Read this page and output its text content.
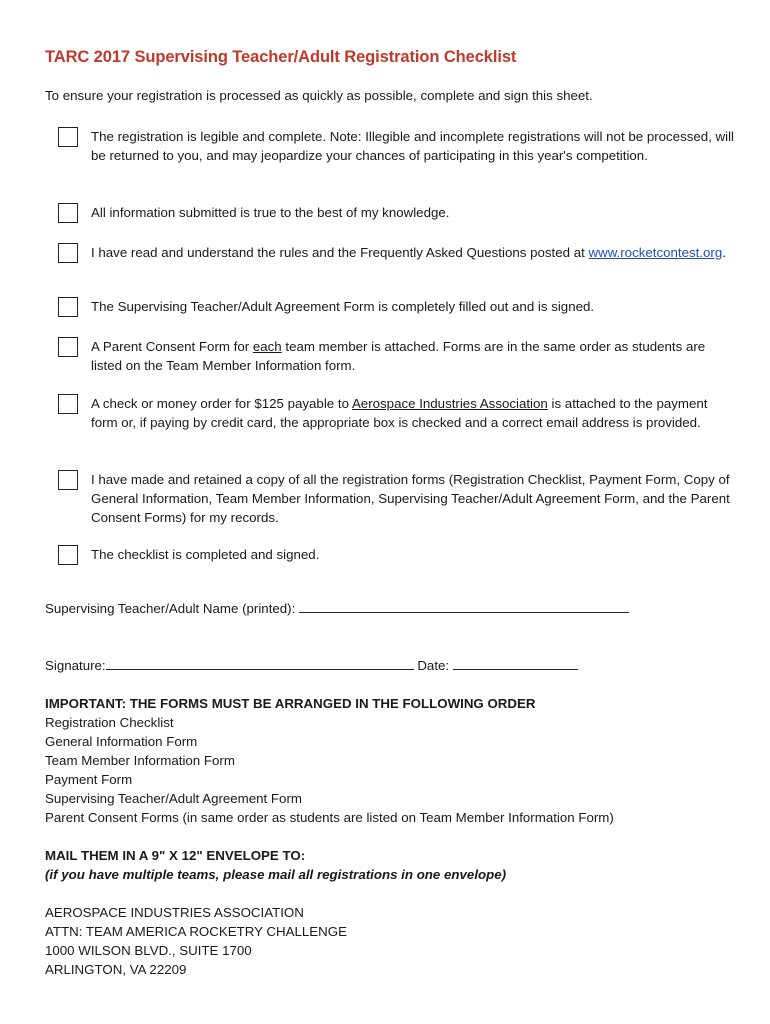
TARC 2017 Supervising Teacher/Adult Registration Checklist
To ensure your registration is processed as quickly as possible, complete and sign this sheet.
The registration is legible and complete. Note: Illegible and incomplete registrations will not be processed, will be returned to you, and may jeopardize your chances of participating in this year's competition.
All information submitted is true to the best of my knowledge.
I have read and understand the rules and the Frequently Asked Questions posted at www.rocketcontest.org.
The Supervising Teacher/Adult Agreement Form is completely filled out and is signed.
A Parent Consent Form for each team member is attached. Forms are in the same order as students are listed on the Team Member Information form.
A check or money order for $125 payable to Aerospace Industries Association is attached to the payment form or, if paying by credit card, the appropriate box is checked and a correct email address is provided.
I have made and retained a copy of all the registration forms (Registration Checklist, Payment Form, Copy of General Information, Team Member Information, Supervising Teacher/Adult Agreement Form, and the Parent Consent Forms) for my records.
The checklist is completed and signed.
Supervising Teacher/Adult Name (printed):
Signature:	Date:
IMPORTANT: THE FORMS MUST BE ARRANGED IN THE FOLLOWING ORDER
Registration Checklist
General Information Form
Team Member Information Form
Payment Form
Supervising Teacher/Adult Agreement Form
Parent Consent Forms (in same order as students are listed on Team Member Information Form)
MAIL THEM IN A 9" X 12" ENVELOPE TO:
(if you have multiple teams, please mail all registrations in one envelope)
AEROSPACE INDUSTRIES ASSOCIATION
ATTN: TEAM AMERICA ROCKETRY CHALLENGE
1000 WILSON BLVD., SUITE 1700
ARLINGTON, VA 22209
